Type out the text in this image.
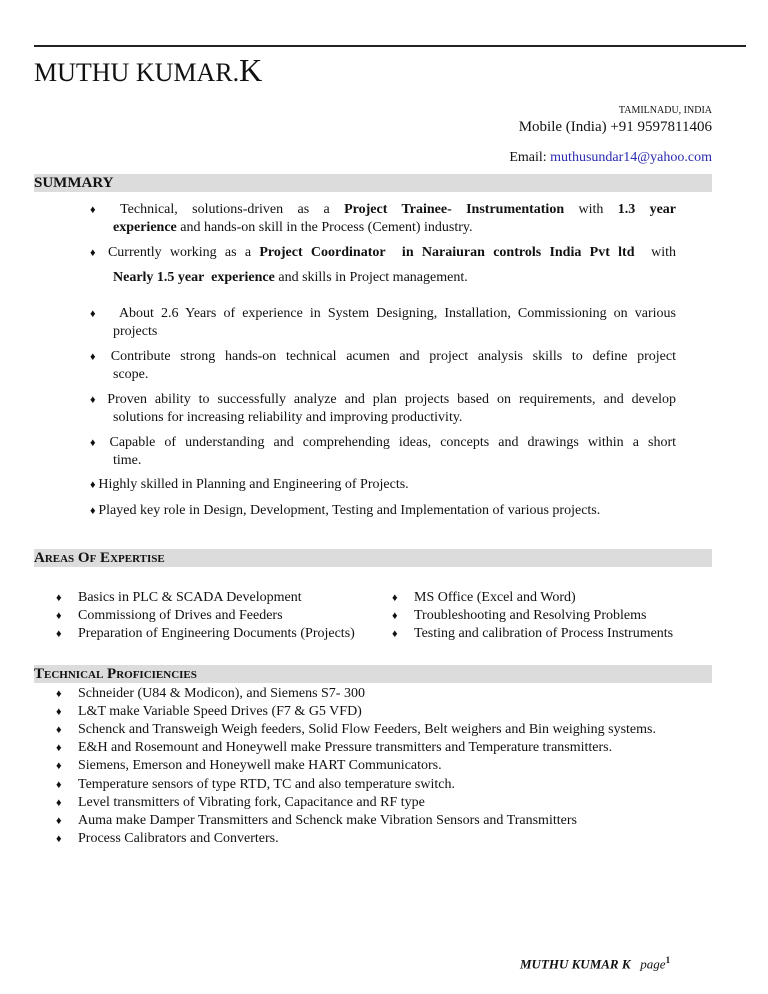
MUTHU KUMAR.K
TAMILNADU, INDIA
Mobile (India) +91 9597811406
Email: muthusundar14@yahoo.com
SUMMARY
♦ Technical, solutions-driven as a Project Trainee- Instrumentation with 1.3 year
experience and hands-on skill in the Process (Cement) industry.
♦ Currently working as a Project Coordinator  in Naraiuran controls India Pvt ltd  with
Nearly 1.5 year  experience and skills in Project management.
♦   About 2.6 Years of experience in System Designing, Installation, Commissioning on various
projects
♦ Contribute strong hands-on technical acumen and project analysis skills to define project
scope.
♦ Proven ability to successfully analyze and plan projects based on requirements, and develop
solutions for increasing reliability and improving productivity.
♦ Capable of understanding and comprehending ideas, concepts and drawings within a short
time.
♦ Highly skilled in Planning and Engineering of Projects.
♦ Played key role in Design, Development, Testing and Implementation of various projects.
Areas Of Expertise
♦ Basics in PLC & SCADA Development
♦ Commissiong of Drives and Feeders
♦ Preparation of Engineering Documents (Projects)
♦ MS Office (Excel and Word)
♦ Troubleshooting and Resolving Problems
♦ Testing and calibration of Process Instruments
Technical Proficiencies
♦ Schneider (U84 & Modicon), and Siemens S7- 300
♦ L&T make Variable Speed Drives (F7 & G5 VFD)
♦ Schenck and Transweigh Weigh feeders, Solid Flow Feeders, Belt weighers and Bin weighing systems.
♦ E&H and Rosemount and Honeywell make Pressure transmitters and Temperature transmitters.
♦ Siemens, Emerson and Honeywell make HART Communicators.
♦ Temperature sensors of type RTD, TC and also temperature switch.
♦ Level transmitters of Vibrating fork, Capacitance and RF type
♦ Auma make Damper Transmitters and Schenck make Vibration Sensors and Transmitters
♦ Process Calibrators and Converters.
MUTHU KUMAR K page$^1$
